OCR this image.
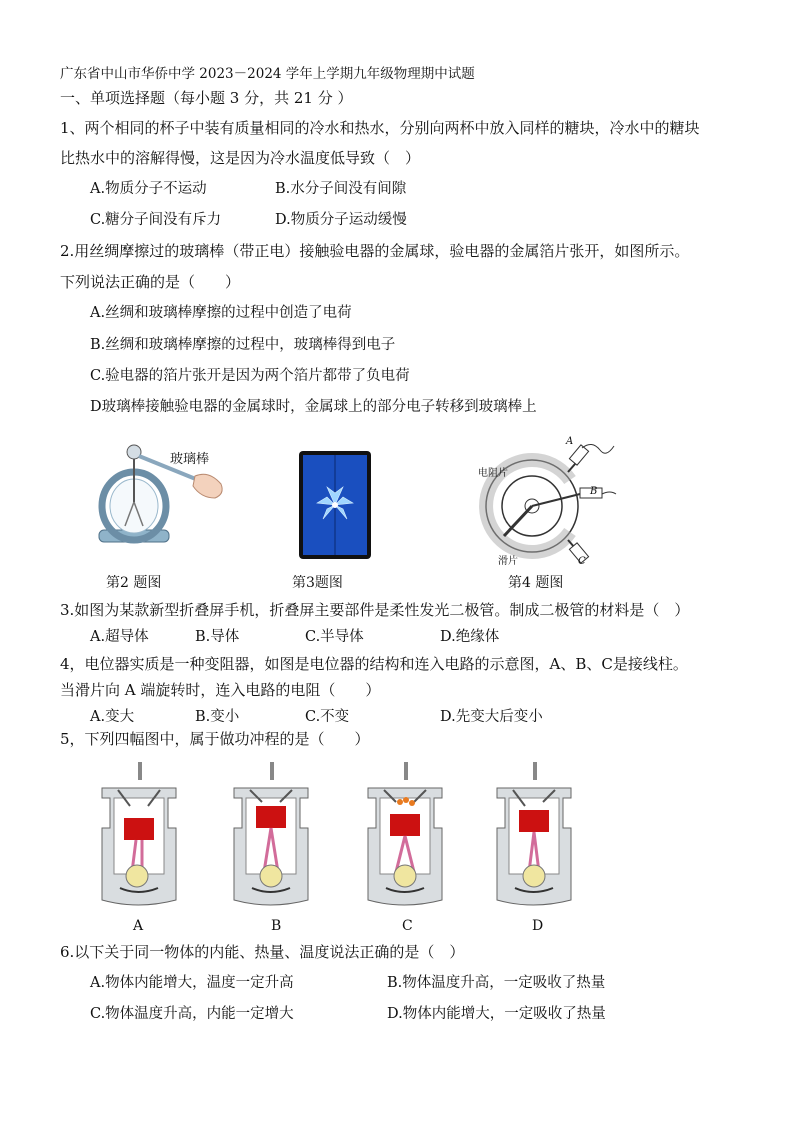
广东省中山市华侨中学 2023－2024 学年上学期九年级物理期中试题
一、单项选择题（每小题 3 分，共 21 分 ）
1、两个相同的杯子中装有质量相同的冷水和热水，分别向两杯中放入同样的糖块，冷水中的糖块
比热水中的溶解得慢，这是因为冷水温度低导致（　）
A.物质分子不运动	B.水分子间没有间隙
C.糖分子间没有斥力	D.物质分子运动缓慢
2.用丝绸摩擦过的玻璃棒（带正电）接触验电器的金属球，验电器的金属箔片张开，如图所示。
下列说法正确的是（　　）
A.丝绸和玻璃棒摩擦的过程中创造了电荷
B.丝绸和玻璃棒摩擦的过程中，玻璃棒得到电子
C.验电器的箔片张开是因为两个箔片都带了负电荷
D玻璃棒接触验电器的金属球时，金属球上的部分电子转移到玻璃棒上
玻璃棒
电阻片
滑片
A
B
C
第2 题图	第3题图	第4 题图
3.如图为某款新型折叠屏手机，折叠屏主要部件是柔性发光二极管。制成二极管的材料是（　）
A.超导体	B.导体	C.半导体	D.绝缘体
4，电位器实质是一种变阻器，如图是电位器的结构和连入电路的示意图，A、B、C是接线柱。
当滑片向 A 端旋转时，连入电路的电阻（　　）
A.变大	B.变小	C.不变	D.先变大后变小
5，下列四幅图中，属于做功冲程的是（　　）
A	B	C	D
6.以下关于同一物体的内能、热量、温度说法正确的是（　）
A.物体内能增大，温度一定升高	B.物体温度升高，一定吸收了热量
C.物体温度升高，内能一定增大	D.物体内能增大，一定吸收了热量
